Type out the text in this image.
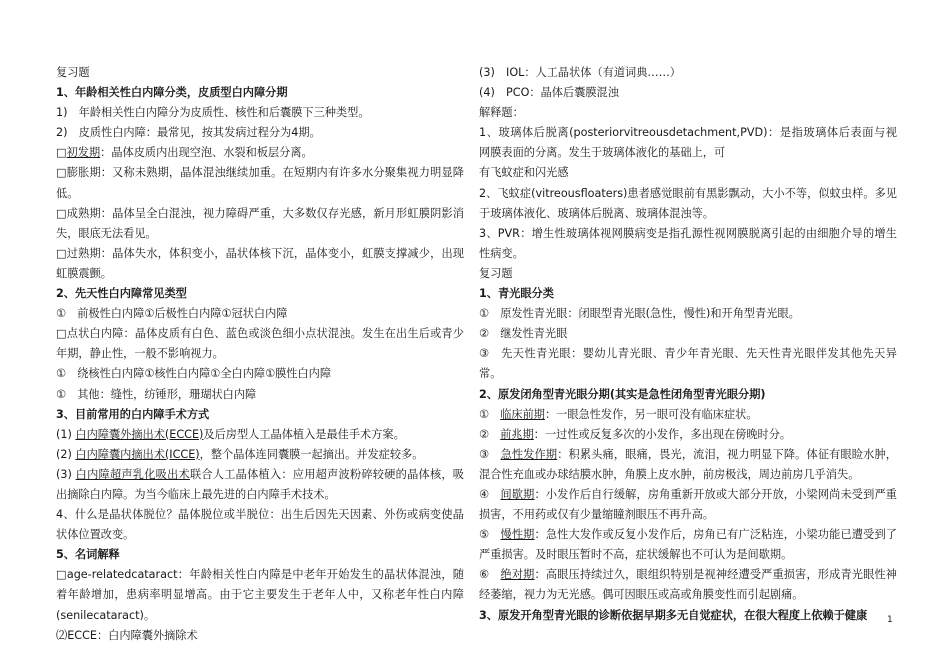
复习题
1、年龄相关性白内障分类，皮质型白内障分期
1)　年龄相关性白内障分为皮质性、核性和后囊膜下三种类型。
2)　皮质性白内障：最常见，按其发病过程分为4期。
□初发期：晶体皮质内出现空泡、水裂和板层分离。
□膨胀期：又称未熟期，晶体混浊继续加重。在短期内有许多水分聚集视力明显降低。
□成熟期：晶体呈全白混浊，视力障碍严重，大多数仅存光感，新月形虹膜阴影消失，眼底无法看见。
□过熟期：晶体失水，体积变小，晶状体核下沉，晶体变小，虹膜支撑减少，出现虹膜震颤。
2、先天性白内障常见类型
①　前极性白内障①后极性白内障①冠状白内障
□点状白内障：晶体皮质有白色、蓝色或淡色细小点状混浊。发生在出生后或青少年期，静止性，一般不影响视力。
①　绕核性白内障①核性白内障①全白内障①膜性白内障
①　其他：缝性，纺锤形，珊瑚状白内障
3、目前常用的白内障手术方式
(1) 白内障囊外摘出术(ECCE)及后房型人工晶体植入是最佳手术方案。
(2) 白内障囊内摘出术(ICCE)，整个晶体连同囊膜一起摘出。并发症较多。
(3) 白内障超声乳化吸出术联合人工晶体植入：应用超声波粉碎较硬的晶体核，吸出摘除白内障。为当今临床上最先进的白内障手术技术。
4、什么是晶状体脱位？晶体脱位或半脱位：出生后因先天因素、外伤或病变使晶状体位置改变。
5、名词解释
□age-relatedcataract：年龄相关性白内障是中老年开始发生的晶状体混浊，随着年龄增加，患病率明显增高。由于它主要发生于老年人中，又称老年性白内障(senilecataract)。
⑵ECCE：白内障囊外摘除术
(3)　IOL：人工晶状体（有道词典……）
(4)　PCO：晶体后囊膜混浊
解释题：
1、玻璃体后脱离(posteriorvitreousdetachment,PVD)：是指玻璃体后表面与视网膜表面的分离。发生于玻璃体液化的基础上，可
有飞蚊症和闪光感
2、飞蚊症(vitreousfloaters)患者感觉眼前有黑影飘动，大小不等，似蚊虫样。多见于玻璃体液化、玻璃体后脱离、玻璃体混浊等。
3、PVR：增生性玻璃体视网膜病变是指孔源性视网膜脱离引起的由细胞介导的增生性病变。
复习题
1、青光眼分类
①　原发性青光眼：闭眼型青光眼(急性，慢性)和开角型青光眼。
②　继发性青光眼
③　先天性青光眼：婴幼儿青光眼、青少年青光眼、先天性青光眼伴发其他先天异常。
2、原发闭角型青光眼分期(其实是急性闭角型青光眼分期)
①　临床前期：一眼急性发作，另一眼可没有临床症状。
②　前兆期：一过性或反复多次的小发作，多出现在傍晚时分。
③　急性发作期：积累头痛，眼痛，畏光，流泪，视力明显下降。体征有眼睑水肿，混合性充血或办球结膜水肿，角膜上皮水肿，前房极浅，周边前房几乎消失。
④　间歇期：小发作后自行缓解，房角重新开放或大部分开放，小梁网尚未受到严重损害，不用药或仅有少量缩瞳剂眼压不再升高。
⑤　慢性期：急性大发作或反复小发作后，房角已有广泛粘连，小梁功能已遭受到了严重损害。及时眼压暂时不高，症状缓解也不可认为是间歇期。
⑥　绝对期：高眼压持续过久，眼组织特别是视神经遭受严重损害，形成青光眼性神经萎缩，视力为无光感。偶可因眼压或高或角膜变性而引起剧痛。
3、原发开角型青光眼的诊断依据早期多无自觉症状，在很大程度上依赖于健康	1
